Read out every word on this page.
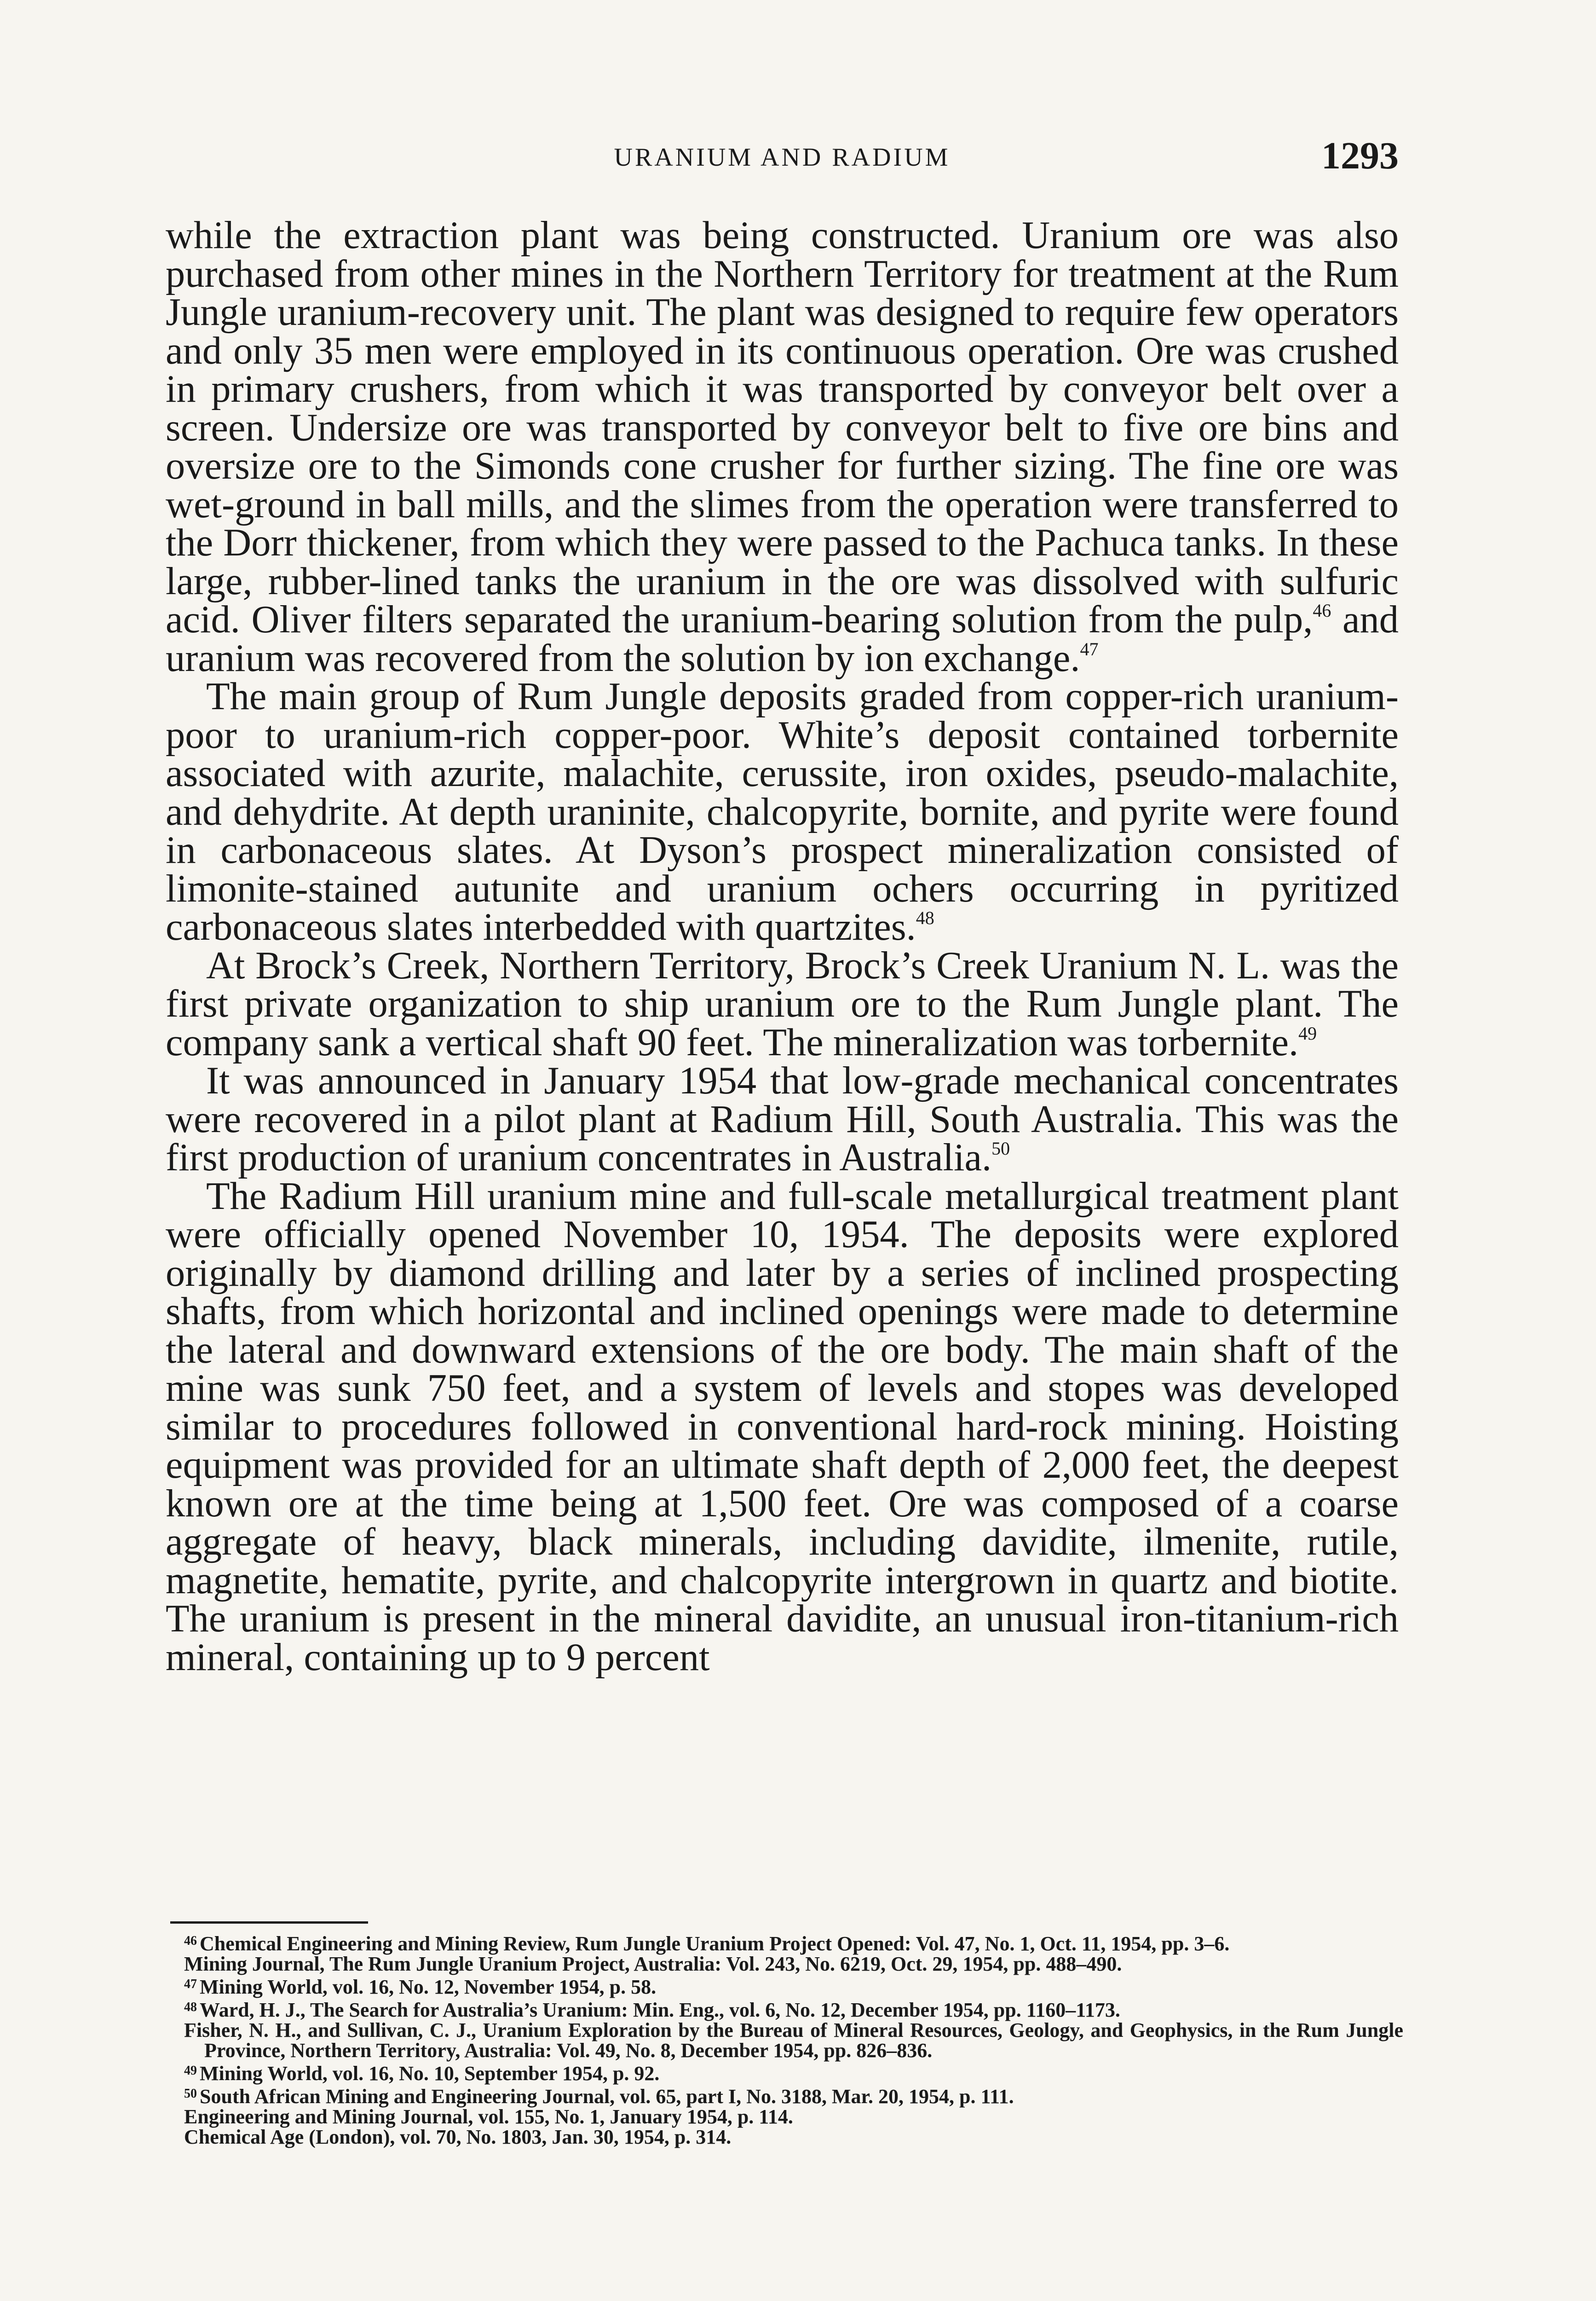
URANIUM AND RADIUM	1293

while the extraction plant was being constructed. Uranium ore was also purchased from other mines in the Northern Territory for treatment at the Rum Jungle uranium-recovery unit. The plant was designed to require few operators and only 35 men were employed in its continuous operation. Ore was crushed in primary crushers, from which it was transported by conveyor belt over a screen. Undersize ore was transported by conveyor belt to five ore bins and oversize ore to the Simonds cone crusher for further sizing. The fine ore was wet-ground in ball mills, and the slimes from the operation were transferred to the Dorr thickener, from which they were passed to the Pachuca tanks. In these large, rubber-lined tanks the uranium in the ore was dissolved with sulfuric acid. Oliver filters separated the uranium-bearing solution from the pulp,$^{46}$ and uranium was recovered from the solution by ion exchange.$^{47}$

The main group of Rum Jungle deposits graded from copper-rich uranium-poor to uranium-rich copper-poor. White’s deposit contained torbernite associated with azurite, malachite, cerussite, iron oxides, pseudo-malachite, and dehydrite. At depth uraninite, chalcopyrite, bornite, and pyrite were found in carbonaceous slates. At Dyson’s prospect mineralization consisted of limonite-stained autunite and uranium ochers occurring in pyritized carbonaceous slates interbedded with quartzites.$^{48}$

At Brock’s Creek, Northern Territory, Brock’s Creek Uranium N. L. was the first private organization to ship uranium ore to the Rum Jungle plant. The company sank a vertical shaft 90 feet. The mineralization was torbernite.$^{49}$

It was announced in January 1954 that low-grade mechanical concentrates were recovered in a pilot plant at Radium Hill, South Australia. This was the first production of uranium concentrates in Australia.$^{50}$

The Radium Hill uranium mine and full-scale metallurgical treatment plant were officially opened November 10, 1954. The deposits were explored originally by diamond drilling and later by a series of inclined prospecting shafts, from which horizontal and inclined openings were made to determine the lateral and downward extensions of the ore body. The main shaft of the mine was sunk 750 feet, and a system of levels and stopes was developed similar to procedures followed in conventional hard-rock mining. Hoisting equipment was provided for an ultimate shaft depth of 2,000 feet, the deepest known ore at the time being at 1,500 feet. Ore was composed of a coarse aggregate of heavy, black minerals, including davidite, ilmenite, rutile, magnetite, hematite, pyrite, and chalcopyrite intergrown in quartz and biotite. The uranium is present in the mineral davidite, an unusual iron-titanium-rich mineral, containing up to 9 percent

$^{46}$ Chemical Engineering and Mining Review, Rum Jungle Uranium Project Opened: Vol. 47, No. 1, Oct. 11, 1954, pp. 3–6.

Mining Journal, The Rum Jungle Uranium Project, Australia: Vol. 243, No. 6219, Oct. 29, 1954, pp. 488–490.

$^{47}$ Mining World, vol. 16, No. 12, November 1954, p. 58.

$^{48}$ Ward, H. J., The Search for Australia’s Uranium: Min. Eng., vol. 6, No. 12, December 1954, pp. 1160–1173.

Fisher, N. H., and Sullivan, C. J., Uranium Exploration by the Bureau of Mineral Resources, Geology, and Geophysics, in the Rum Jungle Province, Northern Territory, Australia: Vol. 49, No. 8, December 1954, pp. 826–836.

$^{49}$ Mining World, vol. 16, No. 10, September 1954, p. 92.

$^{50}$ South African Mining and Engineering Journal, vol. 65, part I, No. 3188, Mar. 20, 1954, p. 111.

Engineering and Mining Journal, vol. 155, No. 1, January 1954, p. 114.

Chemical Age (London), vol. 70, No. 1803, Jan. 30, 1954, p. 314.
